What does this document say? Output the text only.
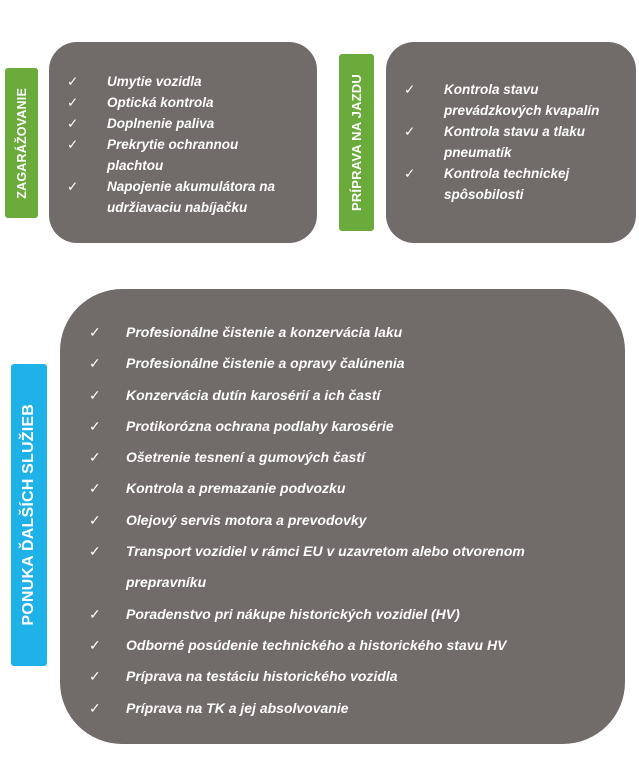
ZAGARÁŽOVANIE
✓	Umytie vozidla
✓	Optická kontrola
✓	Doplnenie paliva
✓	Prekrytie ochrannou plachtou
✓	Napojenie akumulátora na udržiavaciu nabíjačku	PRÍPRAVA NA JAZDU	✓	Kontrola stavu prevádzkových kvapalín
✓	Kontrola stavu a tlaku pneumatík
✓	Kontrola technickej spôsobilosti
PONUKA ĎALŠÍCH SLUŽIEB
✓	Profesionálne čistenie a konzervácia laku
✓	Profesionálne čistenie a opravy čalúnenia
✓	Konzervácia dutín karosérií a ich častí
✓	Protikorózna ochrana podlahy karosérie
✓	Ošetrenie tesnení a gumových častí
✓	Kontrola a premazanie podvozku
✓	Olejový servis motora a prevodovky
✓	Transport vozidiel v rámci EU v uzavretom alebo otvorenom prepravníku
✓	Poradenstvo pri nákupe historických vozidiel (HV)
✓	Odborné posúdenie technického a historického stavu HV
✓	Príprava na testáciu historického vozidla
✓	Príprava na TK a jej absolvovanie
